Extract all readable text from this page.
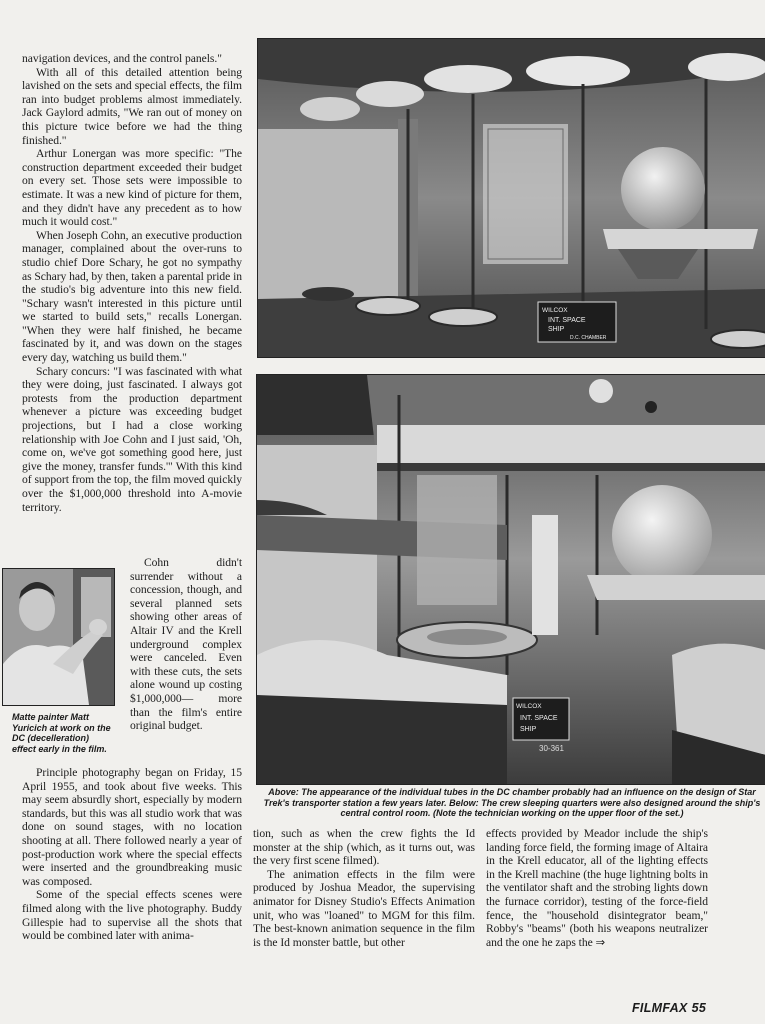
navigation devices, and the control panels."

With all of this detailed attention being lavished on the sets and special effects, the film ran into budget problems almost immediately. Jack Gaylord admits, "We ran out of money on this picture twice before we had the thing finished."

Arthur Lonergan was more specific: "The construction department exceeded their budget on every set. Those sets were impossible to estimate. It was a new kind of picture for them, and they didn't have any precedent as to how much it would cost."

When Joseph Cohn, an executive production manager, complained about the over-runs to studio chief Dore Schary, he got no sympathy as Schary had, by then, taken a parental pride in the studio's big adventure into this new field. "Schary wasn't interested in this picture until we started to build sets," recalls Lonergan. "When they were half finished, he became fascinated by it, and was down on the stages every day, watching us build them."

Schary concurs: "I was fascinated with what they were doing, just fascinated. I always got protests from the production department whenever a picture was exceeding budget projections, but I had a close working relationship with Joe Cohn and I just said, 'Oh, come on, we've got something good here, just give the money, transfer funds.'" With this kind of support from the top, the film moved quickly over the $1,000,000 threshold into A-movie territory.

Matte painter Matt Yuricich at work on the DC (decelleration) effect early in the film.

Cohn didn't surrender without a concession, though, and several planned sets showing other areas of Altair IV and the Krell underground complex were canceled. Even with these cuts, the sets alone wound up costing $1,000,000— more than the film's entire original budget.

Principle photography began on Friday, 15 April 1955, and took about five weeks. This may seem absurdly short, especially by modern standards, but this was all studio work that was done on sound stages, with no location shooting at all. There followed nearly a year of post-production work where the special effects were inserted and the groundbreaking music was composed.

Some of the special effects scenes were filmed along with the live photography. Buddy Gillespie had to supervise all the shots that would be combined later with anima-

WILCOX
INT. SPACE
SHIP
D.C. CHAMBER
WILCOX
INT. SPACE
SHIP
30-361
Above: The appearance of the individual tubes in the DC chamber probably had an influence on the design of Star Trek's transporter station a few years later. Below: The crew sleeping quarters were also designed around the ship's central control room. (Note the technician working on the upper floor of the set.)

tion, such as when the crew fights the Id monster at the ship (which, as it turns out, was the very first scene filmed).

The animation effects in the film were produced by Joshua Meador, the supervising animator for Disney Studio's Effects Animation unit, who was "loaned" to MGM for this film. The best-known animation sequence in the film is the Id monster battle, but other

effects provided by Meador include the ship's landing force field, the forming image of Altaira in the Krell educator, all of the lighting effects in the Krell machine (the huge lightning bolts in the ventilator shaft and the strobing lights down the furnace corridor), testing of the force-field fence, the "household disintegrator beam," Robby's "beams" (both his weapons neutralizer and the one he zaps the ⇒

FILMFAX 55
